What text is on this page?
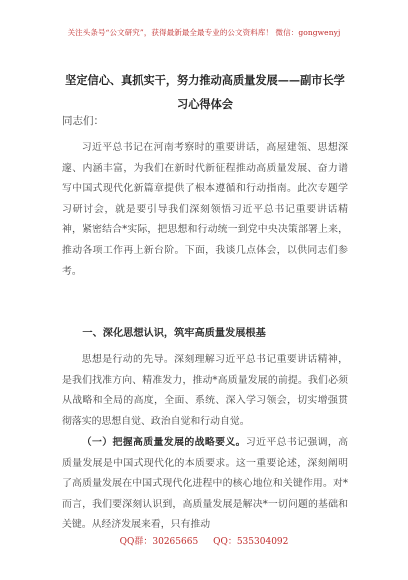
关注头条号“公文研究”，获得最新最全最专业的公文资料库！ 微信：gongwenyj
坚定信心、真抓实干，努力推动高质量发展——副市长学
习心得体会
同志们：

习近平总书记在河南考察时的重要讲话，高屋建瓴、思想深邃、内涵丰富，为我们在新时代新征程推动高质量发展、奋力谱写中国式现代化新篇章提供了根本遵循和行动指南。此次专题学习研讨会，就是要引导我们深刻领悟习近平总书记重要讲话精神，紧密结合*实际，把思想和行动统一到党中央决策部署上来，推动各项工作再上新台阶。下面，我谈几点体会，以供同志们参考。

一、深化思想认识，筑牢高质量发展根基

思想是行动的先导。深刻理解习近平总书记重要讲话精神，是我们找准方向、精准发力，推动*高质量发展的前提。我们必须从战略和全局的高度，全面、系统、深入学习领会，切实增强贯彻落实的思想自觉、政治自觉和行动自觉。

（一）把握高质量发展的战略要义。习近平总书记强调，高质量发展是中国式现代化的本质要求。这一重要论述，深刻阐明了高质量发展在中国式现代化进程中的核心地位和关键作用。对*而言，我们要深刻认识到，高质量发展是解决*一切问题的基础和关键。从经济发展来看，只有推动

QQ群：30265665 QQ：535304092
